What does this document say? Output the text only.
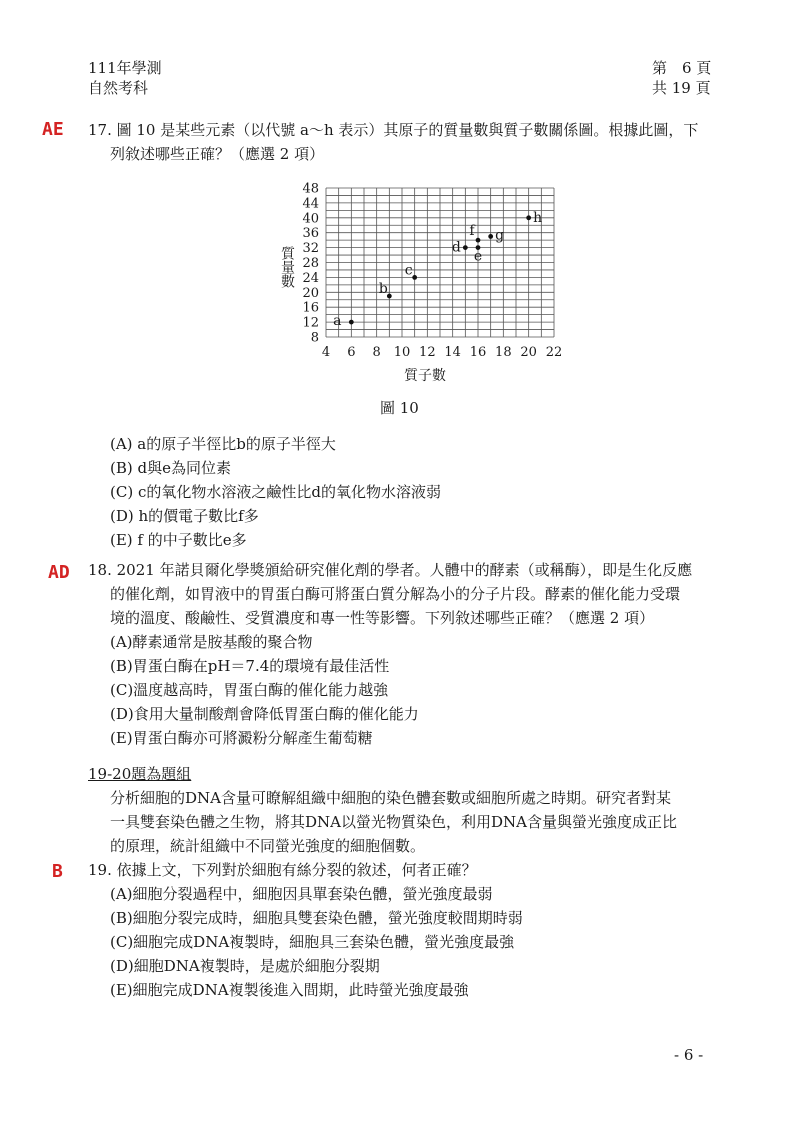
111年學測
自然考科
第　6 頁
共 19 頁
AE 17. 圖 10 是某些元素（以代號 a～h 表示）其原子的質量數與質子數關係圖。根據此圖，下
列敘述哪些正確？（應選 2 項）
4 6 8 10 12 14 16 18 20 22
8
12
16
20
24
28
32
36
40
44
48
a
b
c
d
e
f g
h
質量數
質子數
圖 10
(A) a的原子半徑比b的原子半徑大
(B) d與e為同位素
(C) c的氧化物水溶液之鹼性比d的氧化物水溶液弱
(D) h的價電子數比f多
(E) f 的中子數比e多
AD 18. 2021 年諾貝爾化學獎頒給研究催化劑的學者。人體中的酵素（或稱酶），即是生化反應
的催化劑，如胃液中的胃蛋白酶可將蛋白質分解為小的分子片段。酵素的催化能力受環
境的溫度、酸鹼性、受質濃度和專一性等影響。下列敘述哪些正確？（應選 2 項）
(A)酵素通常是胺基酸的聚合物
(B)胃蛋白酶在pH＝7.4的環境有最佳活性
(C)溫度越高時，胃蛋白酶的催化能力越強
(D)食用大量制酸劑會降低胃蛋白酶的催化能力
(E)胃蛋白酶亦可將澱粉分解產生葡萄糖
19-20題為題組
分析細胞的DNA含量可瞭解組織中細胞的染色體套數或細胞所處之時期。研究者對某
一具雙套染色體之生物，將其DNA以螢光物質染色，利用DNA含量與螢光強度成正比
的原理，統計組織中不同螢光強度的細胞個數。
B 19. 依據上文，下列對於細胞有絲分裂的敘述，何者正確？
(A)細胞分裂過程中，細胞因具單套染色體，螢光強度最弱
(B)細胞分裂完成時，細胞具雙套染色體，螢光強度較間期時弱
(C)細胞完成DNA複製時，細胞具三套染色體，螢光強度最強
(D)細胞DNA複製時，是處於細胞分裂期
(E)細胞完成DNA複製後進入間期，此時螢光強度最強
- 6 -
